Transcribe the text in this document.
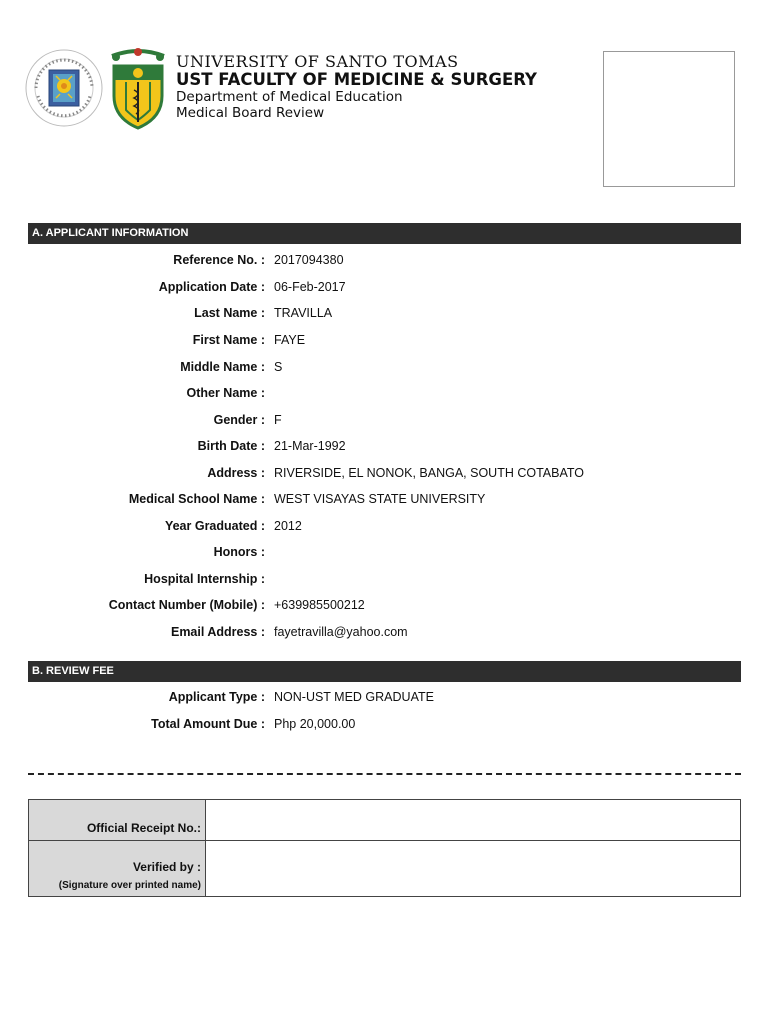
UNIVERSITY OF SANTO TOMAS
UST FACULTY OF MEDICINE & SURGERY
Department of Medical Education
Medical Board Review
A. APPLICANT INFORMATION
Reference No. : 2017094380
Application Date : 06-Feb-2017
Last Name : TRAVILLA
First Name : FAYE
Middle Name : S
Other Name :
Gender : F
Birth Date : 21-Mar-1992
Address : RIVERSIDE, EL NONOK, BANGA, SOUTH COTABATO
Medical School Name : WEST VISAYAS STATE UNIVERSITY
Year Graduated : 2012
Honors :
Hospital Internship :
Contact Number (Mobile) : +639985500212
Email Address : fayetravilla@yahoo.com
B. REVIEW FEE
Applicant Type : NON-UST MED GRADUATE
Total Amount Due : Php 20,000.00
Official Receipt No.:
Verified by :
(Signature over printed name)
